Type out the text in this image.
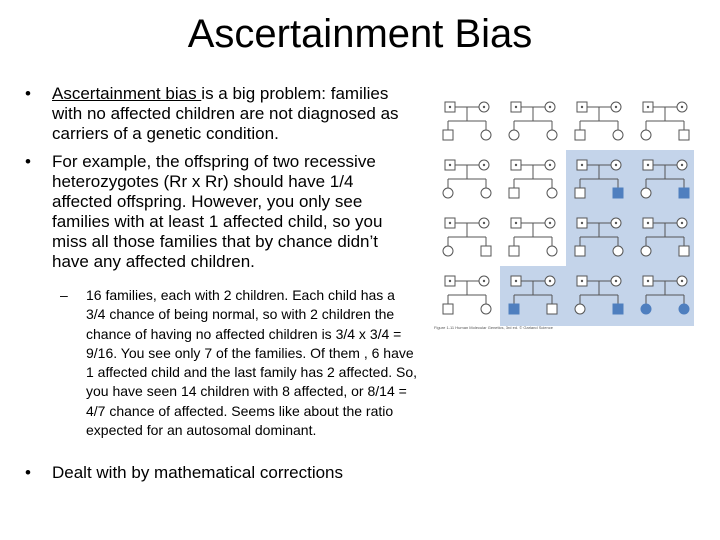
Ascertainment Bias
• Ascertainment bias is a big problem: families with no affected children are not diagnosed as carriers of a genetic condition.
• For example, the offspring of two recessive heterozygotes (Rr x Rr) should have 1/4 affected offspring. However, you only see families with at least 1 affected child, so you miss all those families that by chance didn’t have any affected children.
– 16 families, each with 2 children. Each child has a 3/4 chance of being normal, so with 2 children the chance of having no affected children is 3/4 x 3/4 = 9/16. You see only 7 of the families. Of them , 6 have 1 affected child and the last family has 2 affected. So, you have seen 14 children with 8 affected, or 8/14 = 4/7 chance of affected. Seems like about the ratio expected for an autosomal dominant.
• Dealt with by mathematical corrections
Figure 1-11 Human Molecular Genetics, 3rd ed. © Garland Science
